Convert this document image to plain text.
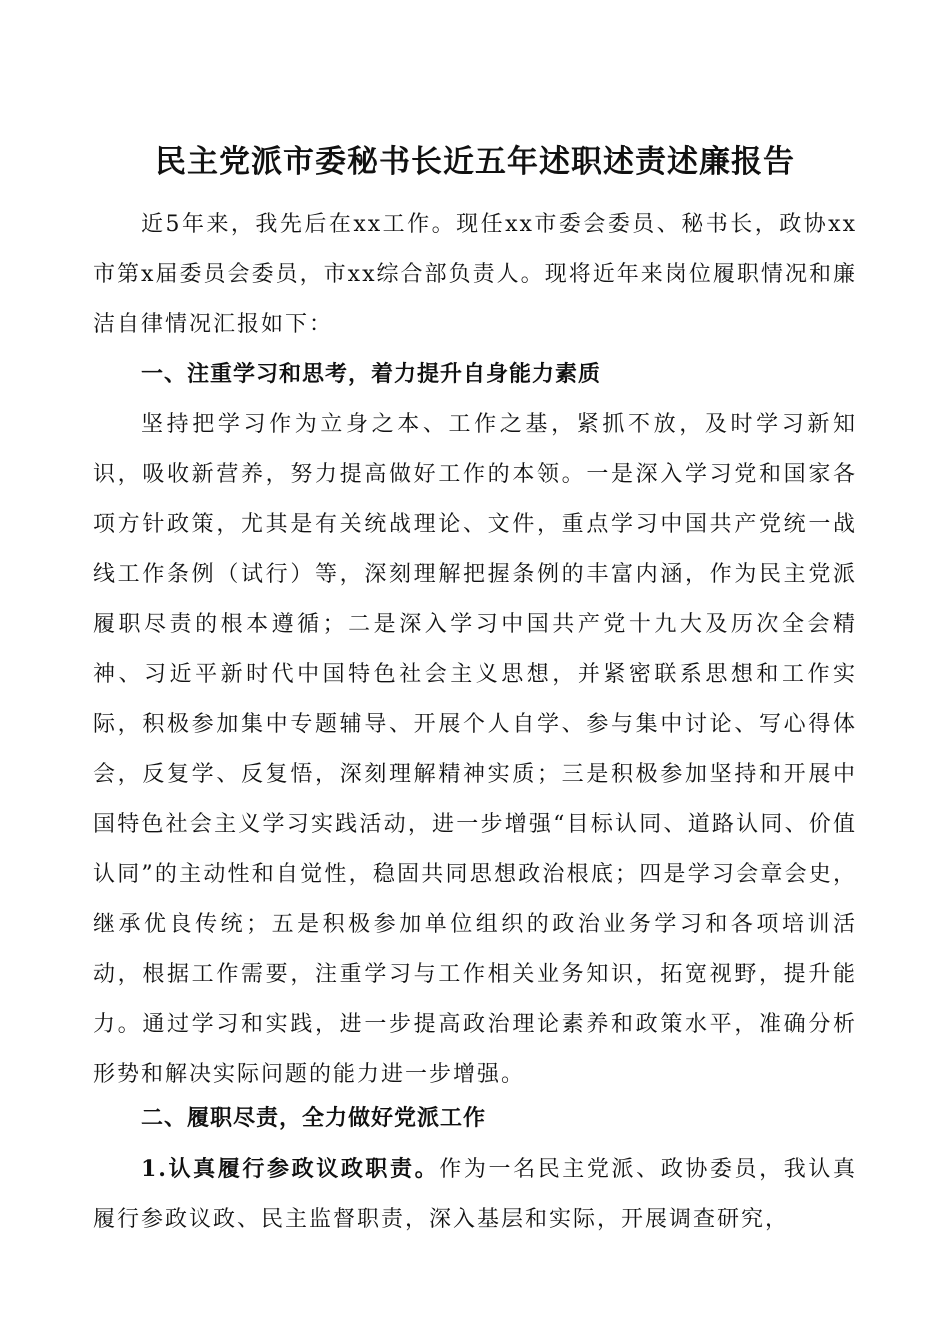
民主党派市委秘书长近五年述职述责述廉报告

近5年来，我先后在xx工作。现任xx市委会委员、秘书长，政协xx市第x届委员会委员，市xx综合部负责人。现将近年来岗位履职情况和廉洁自律情况汇报如下：

一、注重学习和思考，着力提升自身能力素质

坚持把学习作为立身之本、工作之基，紧抓不放，及时学习新知识，吸收新营养，努力提高做好工作的本领。一是深入学习党和国家各项方针政策，尤其是有关统战理论、文件，重点学习中国共产党统一战线工作条例（试行）等，深刻理解把握条例的丰富内涵，作为民主党派履职尽责的根本遵循；二是深入学习中国共产党十九大及历次全会精神、习近平新时代中国特色社会主义思想，并紧密联系思想和工作实际，积极参加集中专题辅导、开展个人自学、参与集中讨论、写心得体会，反复学、反复悟，深刻理解精神实质；三是积极参加坚持和开展中国特色社会主义学习实践活动，进一步增强“目标认同、道路认同、价值认同”的主动性和自觉性，稳固共同思想政治根底；四是学习会章会史，继承优良传统；五是积极参加单位组织的政治业务学习和各项培训活动，根据工作需要，注重学习与工作相关业务知识，拓宽视野，提升能力。通过学习和实践，进一步提高政治理论素养和政策水平，准确分析形势和解决实际问题的能力进一步增强。

二、履职尽责，全力做好党派工作

1.认真履行参政议政职责。作为一名民主党派、政协委员，我认真履行参政议政、民主监督职责，深入基层和实际，开展调查研究，
